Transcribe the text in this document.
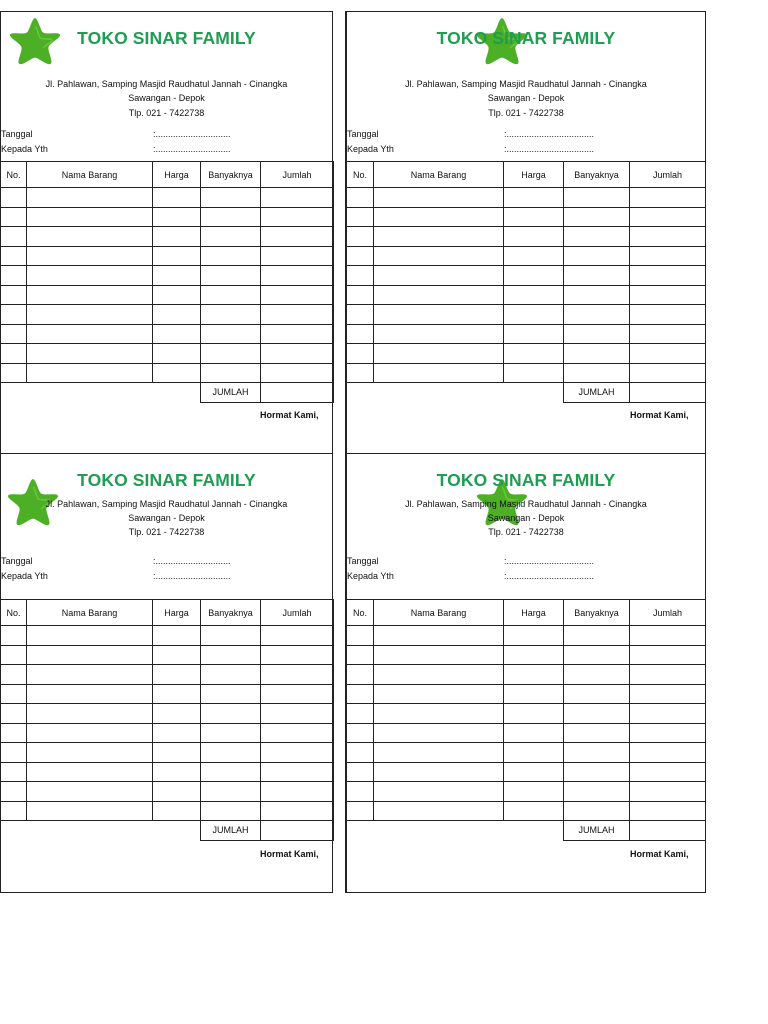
TOKO SINAR FAMILY
Jl. Pahlawan, Samping Masjid Raudhatul Jannah - Cinangka
Sawangan - Depok
Tlp. 021 - 7422738
Tanggal	:..............................
Kepada Yth	:..............................
No.	Nama Barang	Harga	Banyaknya	Jumlah

			JUMLAH	
Hormat Kami,
TOKO SINAR FAMILY
Jl. Pahlawan, Samping Masjid Raudhatul Jannah - Cinangka
Sawangan - Depok
Tlp. 021 - 7422738
Tanggal	:...................................
Kepada Yth	:...................................
No.	Nama Barang	Harga	Banyaknya	Jumlah

			JUMLAH	
Hormat Kami,
TOKO SINAR FAMILY
Jl. Pahlawan, Samping Masjid Raudhatul Jannah - Cinangka
Sawangan - Depok
Tlp. 021 - 7422738
Tanggal	:..............................
Kepada Yth	:..............................
No.	Nama Barang	Harga	Banyaknya	Jumlah

			JUMLAH	
Hormat Kami,
TOKO SINAR FAMILY
Jl. Pahlawan, Samping Masjid Raudhatul Jannah - Cinangka
Sawangan - Depok
Tlp. 021 - 7422738
Tanggal	:...................................
Kepada Yth	:...................................
No.	Nama Barang	Harga	Banyaknya	Jumlah

			JUMLAH	
Hormat Kami,
